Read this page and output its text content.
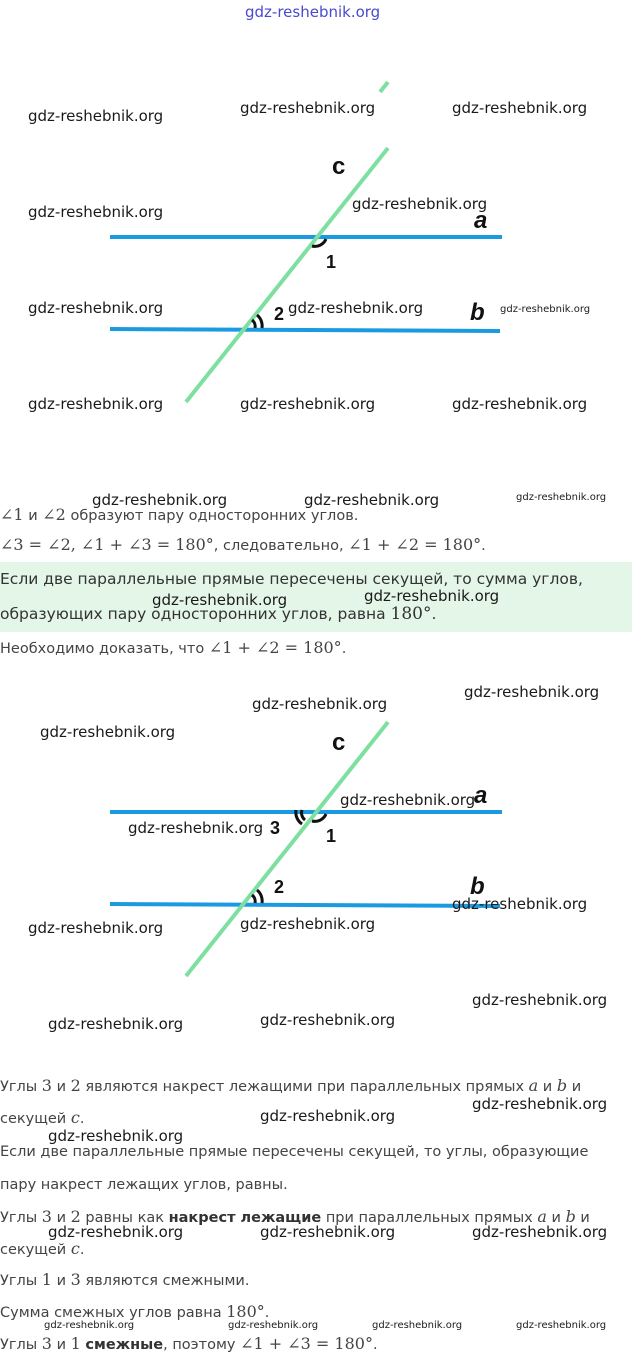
c
a
b
1
2
∠1 и ∠2 образуют пару односторонних углов.
∠3 = ∠2, ∠1 + ∠3 = 180°, следовательно, ∠1 + ∠2 = 180°.
Если две параллельные прямые пересечены секущей, то сумма углов,
образующих пару односторонних углов, равна 180°.
Необходимо доказать, что ∠1 + ∠2 = 180°.
c
a
b
1
3
2
Углы 3 и 2 являются накрест лежащими при параллельных прямых a и b и
секущей c.
Если две параллельные прямые пересечены секущей, то углы, образующие
пару накрест лежащих углов, равны.
Углы 3 и 2 равны как накрест лежащие при параллельных прямых a и b и
секущей c.
Углы 1 и 3 являются смежными.
Сумма смежных углов равна 180°.
Углы 3 и 1 смежные, поэтому ∠1 + ∠3 = 180°.
gdz-reshebnik.org
gdz-reshebnik.org	gdz-reshebnik.org	gdz-reshebnik.org
gdz-reshebnik.org	gdz-reshebnik.org
gdz-reshebnik.org	gdz-reshebnik.org	gdz-reshebnik.org
gdz-reshebnik.org	gdz-reshebnik.org	gdz-reshebnik.org
gdz-reshebnik.org	gdz-reshebnik.org	gdz-reshebnik.org
gdz-reshebnik.org	gdz-reshebnik.org
gdz-reshebnik.org
gdz-reshebnik.org
gdz-reshebnik.org
gdz-reshebnik.org
gdz-reshebnik.org
gdz-reshebnik.org
gdz-reshebnik.org
gdz-reshebnik.org
gdz-reshebnik.org
gdz-reshebnik.org
gdz-reshebnik.org
gdz-reshebnik.org
gdz-reshebnik.org
gdz-reshebnik.org
gdz-reshebnik.org	gdz-reshebnik.org	gdz-reshebnik.org
gdz-reshebnik.org	gdz-reshebnik.org	gdz-reshebnik.org	gdz-reshebnik.org
